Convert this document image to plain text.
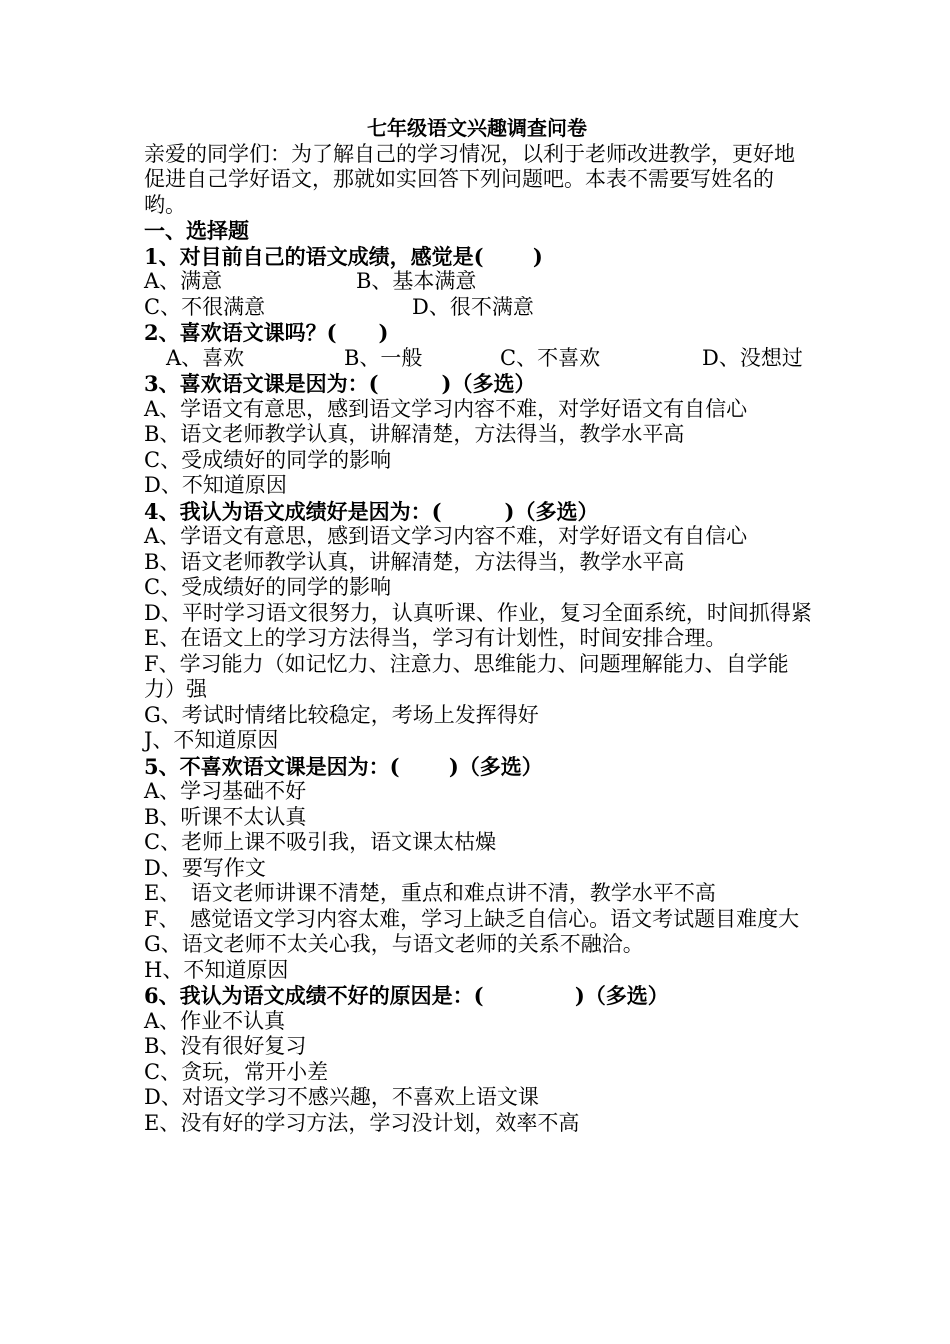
七年级语文兴趣调查问卷
亲爱的同学们：为了解自己的学习情况，以利于老师改进教学，更好地促进自己学好语文，那就如实回答下列问题吧。本表不需要写姓名的哟。
一、选择题
1、对目前自己的语文成绩，感觉是(　　 )
A、满意	B、基本满意
C、不很满意	D、很不满意
2、喜欢语文课吗？(　　)
A、喜欢	B、一般	C、不喜欢	D、没想过
3、喜欢语文课是因为：(　　　)（多选）
A、学语文有意思，感到语文学习内容不难，对学好语文有自信心
B、语文老师教学认真，讲解清楚，方法得当，教学水平高
C、受成绩好的同学的影响
D、不知道原因
4、我认为语文成绩好是因为：(　　　)（多选）
A、学语文有意思，感到语文学习内容不难，对学好语文有自信心
B、语文老师教学认真，讲解清楚，方法得当，教学水平高
C、受成绩好的同学的影响
D、平时学习语文很努力，认真听课、作业，复习全面系统，时间抓得紧
E、在语文上的学习方法得当，学习有计划性，时间安排合理。
F、学习能力（如记忆力、注意力、思维能力、问题理解能力、自学能力）强
G、考试时情绪比较稳定，考场上发挥得好
J、不知道原因
5、不喜欢语文课是因为：(　　 )（多选）
A、学习基础不好
B、听课不太认真
C、老师上课不吸引我，语文课太枯燥
D、要写作文
E、　语文老师讲课不清楚，重点和难点讲不清，教学水平不高
F、　感觉语文学习内容太难，学习上缺乏自信心。语文考试题目难度大
G、语文老师不太关心我，与语文老师的关系不融洽。
H、不知道原因
6、我认为语文成绩不好的原因是：(　　　　 )（多选）
A、作业不认真
B、没有很好复习
C、贪玩，常开小差
D、对语文学习不感兴趣，不喜欢上语文课
E、没有好的学习方法，学习没计划，效率不高
